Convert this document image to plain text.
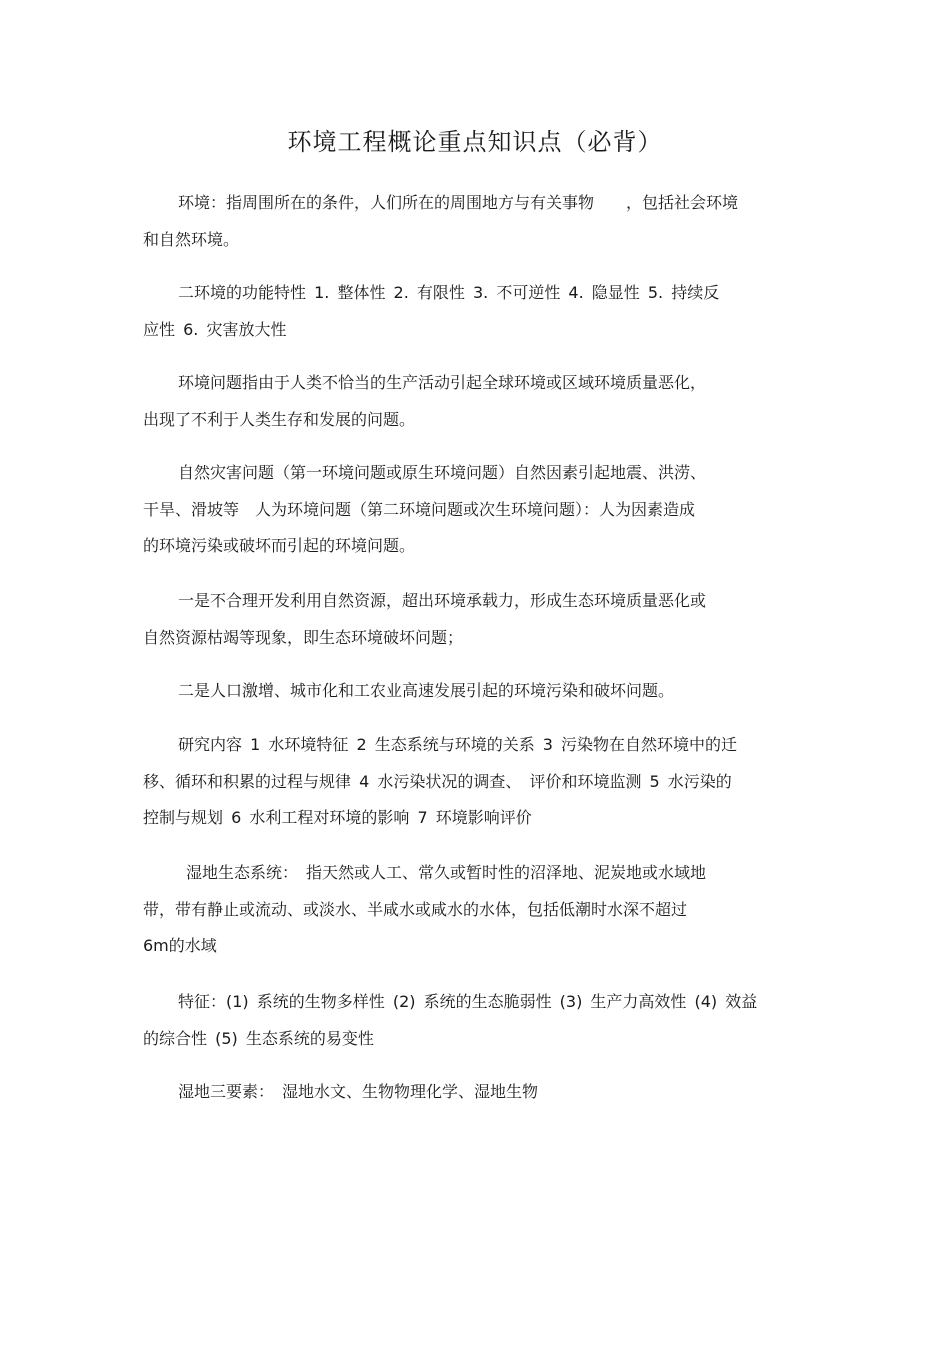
环境工程概论重点知识点（必背）
环境：指周围所在的条件，人们所在的周围地方与有关事物　　，包括社会环境
和自然环境。
二环境的功能特性 1. 整体性 2. 有限性 3. 不可逆性 4. 隐显性 5. 持续反
应性 6. 灾害放大性
环境问题指由于人类不恰当的生产活动引起全球环境或区域环境质量恶化，
出现了不利于人类生存和发展的问题。
自然灾害问题（第一环境问题或原生环境问题）自然因素引起地震、洪涝、
干旱、滑坡等　人为环境问题（第二环境问题或次生环境问题）：人为因素造成
的环境污染或破坏而引起的环境问题。
一是不合理开发利用自然资源，超出环境承载力，形成生态环境质量恶化或
自然资源枯竭等现象，即生态环境破坏问题；
二是人口激增、城市化和工农业高速发展引起的环境污染和破坏问题。
研究内容 1 水环境特征 2 生态系统与环境的关系 3 污染物在自然环境中的迁
移、循环和积累的过程与规律 4 水污染状况的调查、 评价和环境监测 5 水污染的
控制与规划 6 水利工程对环境的影响 7 环境影响评价
湿地生态系统：　指天然或人工、常久或暂时性的沼泽地、泥炭地或水域地
带，带有静止或流动、或淡水、半咸水或咸水的水体，包括低潮时水深不超过
6m的水域
特征：(1) 系统的生物多样性 (2) 系统的生态脆弱性 (3) 生产力高效性 (4) 效益
的综合性 (5) 生态系统的易变性
湿地三要素：　湿地水文、生物物理化学、湿地生物
